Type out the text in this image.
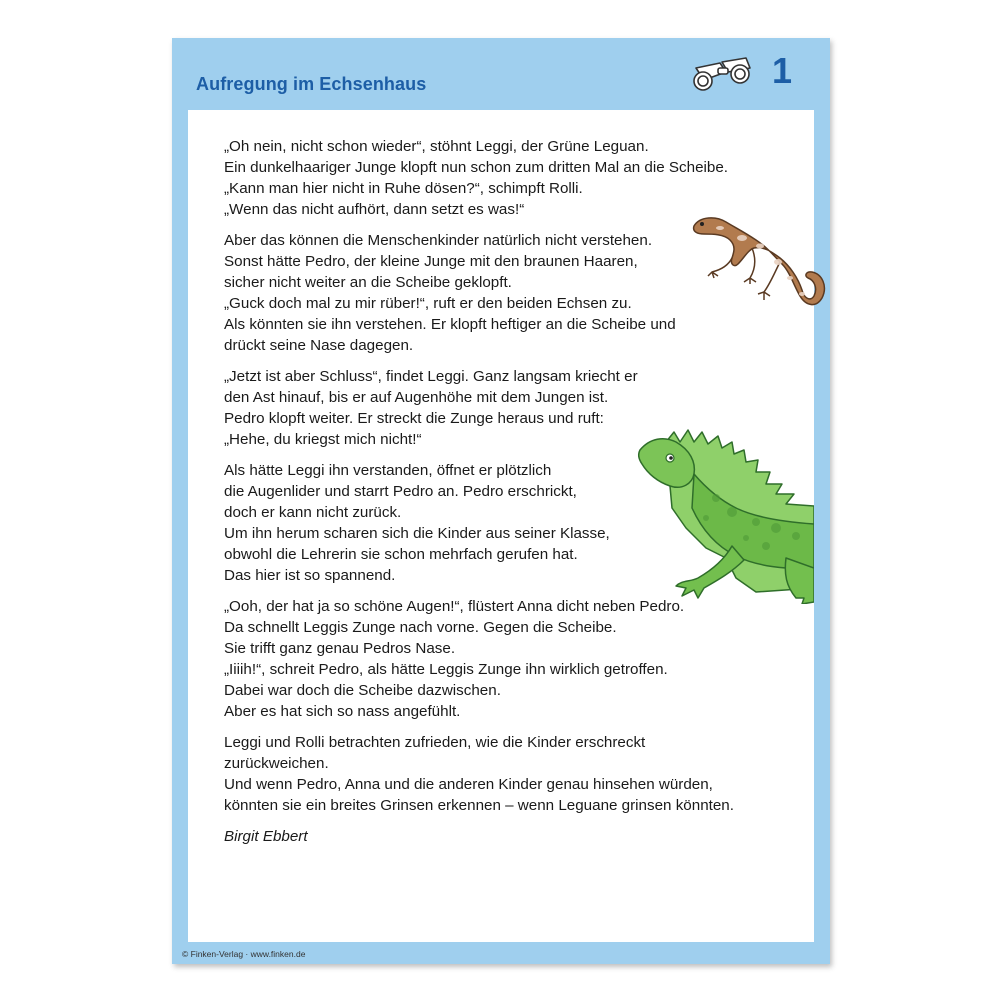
Aufregung im Echsenhaus	1

„Oh nein, nicht schon wieder“, stöhnt Leggi, der Grüne Leguan.
Ein dunkelhaariger Junge klopft nun schon zum dritten Mal an die Scheibe.
„Kann man hier nicht in Ruhe dösen?“, schimpft Rolli.
„Wenn das nicht aufhört, dann setzt es was!“

Aber das können die Menschenkinder natürlich nicht verstehen.
Sonst hätte Pedro, der kleine Junge mit den braunen Haaren,
sicher nicht weiter an die Scheibe geklopft.
„Guck doch mal zu mir rüber!“, ruft er den beiden Echsen zu.
Als könnten sie ihn verstehen. Er klopft heftiger an die Scheibe und
drückt seine Nase dagegen.

„Jetzt ist aber Schluss“, findet Leggi. Ganz langsam kriecht er
den Ast hinauf, bis er auf Augenhöhe mit dem Jungen ist.
Pedro klopft weiter. Er streckt die Zunge heraus und ruft:
„Hehe, du kriegst mich nicht!“

Als hätte Leggi ihn verstanden, öffnet er plötzlich
die Augenlider und starrt Pedro an. Pedro erschrickt,
doch er kann nicht zurück.
Um ihn herum scharen sich die Kinder aus seiner Klasse,
obwohl die Lehrerin sie schon mehrfach gerufen hat.
Das hier ist so spannend.

„Ooh, der hat ja so schöne Augen!“, flüstert Anna dicht neben Pedro.
Da schnellt Leggis Zunge nach vorne. Gegen die Scheibe.
Sie trifft ganz genau Pedros Nase.
„Iiiih!“, schreit Pedro, als hätte Leggis Zunge ihn wirklich getroffen.
Dabei war doch die Scheibe dazwischen.
Aber es hat sich so nass angefühlt.

Leggi und Rolli betrachten zufrieden, wie die Kinder erschreckt
zurückweichen.
Und wenn Pedro, Anna und die anderen Kinder genau hinsehen würden,
könnten sie ein breites Grinsen erkennen – wenn Leguane grinsen könnten.

Birgit Ebbert

© Finken-Verlag · www.finken.de
